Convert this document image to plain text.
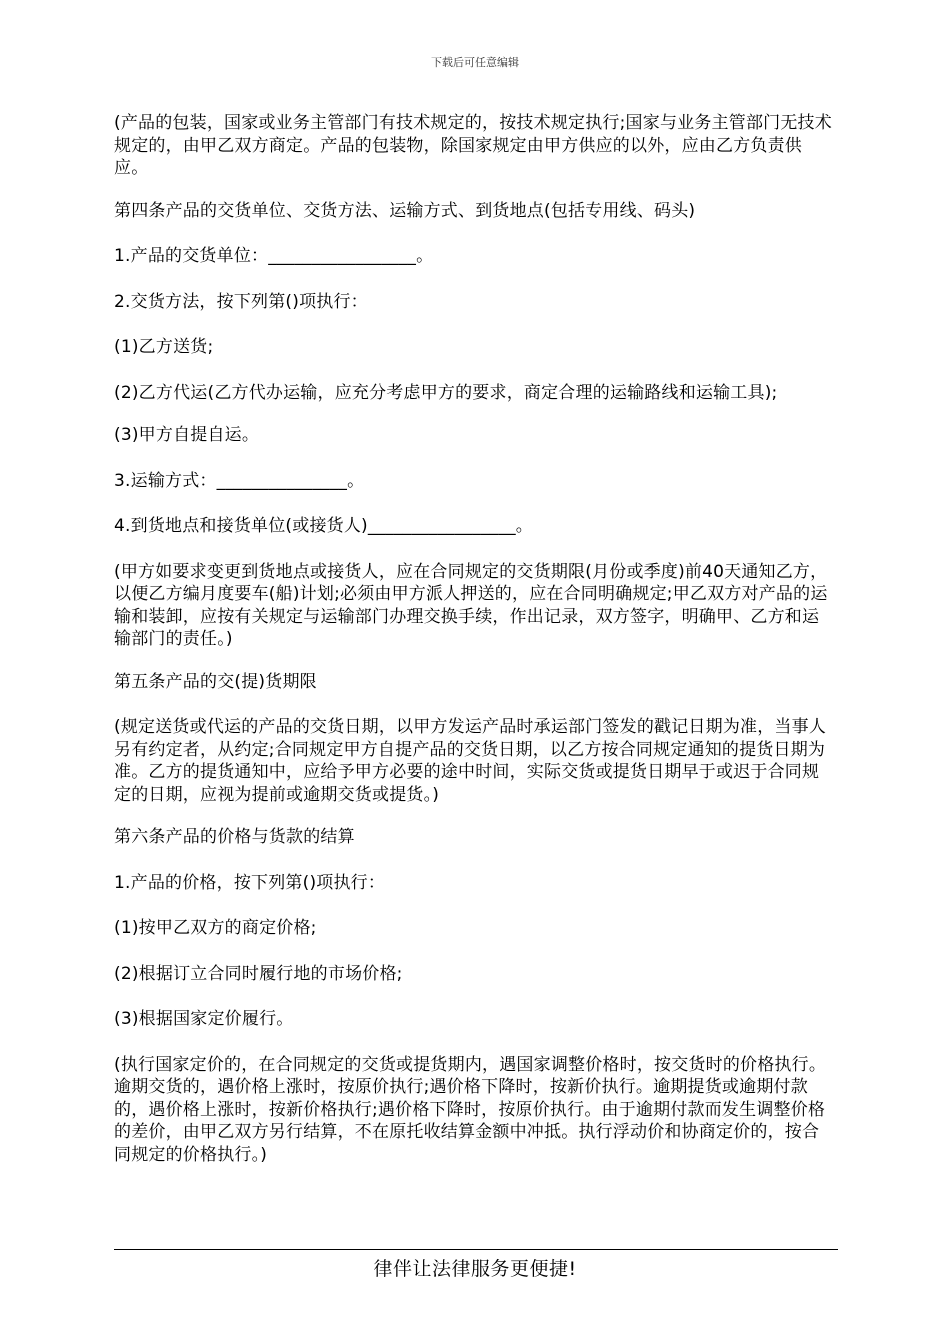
下载后可任意编辑

(产品的包装，国家或业务主管部门有技术规定的，按技术规定执行;国家与业务主管部门无技术规定的，由甲乙双方商定。产品的包装物，除国家规定由甲方供应的以外，应由乙方负责供应。

第四条产品的交货单位、交货方法、运输方式、到货地点(包括专用线、码头)

1.产品的交货单位：_________________。

2.交货方法，按下列第()项执行：

(1)乙方送货;

(2)乙方代运(乙方代办运输，应充分考虑甲方的要求，商定合理的运输路线和运输工具);

(3)甲方自提自运。

3.运输方式：_______________。

4.到货地点和接货单位(或接货人)_________________。

(甲方如要求变更到货地点或接货人，应在合同规定的交货期限(月份或季度)前40天通知乙方，以便乙方编月度要车(船)计划;必须由甲方派人押送的，应在合同明确规定;甲乙双方对产品的运输和装卸，应按有关规定与运输部门办理交换手续，作出记录，双方签字，明确甲、乙方和运输部门的责任。)

第五条产品的交(提)货期限

(规定送货或代运的产品的交货日期，以甲方发运产品时承运部门签发的戳记日期为准，当事人另有约定者，从约定;合同规定甲方自提产品的交货日期，以乙方按合同规定通知的提货日期为准。乙方的提货通知中，应给予甲方必要的途中时间，实际交货或提货日期早于或迟于合同规定的日期，应视为提前或逾期交货或提货。)

第六条产品的价格与货款的结算

1.产品的价格，按下列第()项执行：

(1)按甲乙双方的商定价格;

(2)根据订立合同时履行地的市场价格;

(3)根据国家定价履行。

(执行国家定价的，在合同规定的交货或提货期内，遇国家调整价格时，按交货时的价格执行。逾期交货的，遇价格上涨时，按原价执行;遇价格下降时，按新价执行。逾期提货或逾期付款的，遇价格上涨时，按新价格执行;遇价格下降时，按原价执行。由于逾期付款而发生调整价格的差价，由甲乙双方另行结算，不在原托收结算金额中冲抵。执行浮动价和协商定价的，按合同规定的价格执行。)

律伴让法律服务更便捷!
